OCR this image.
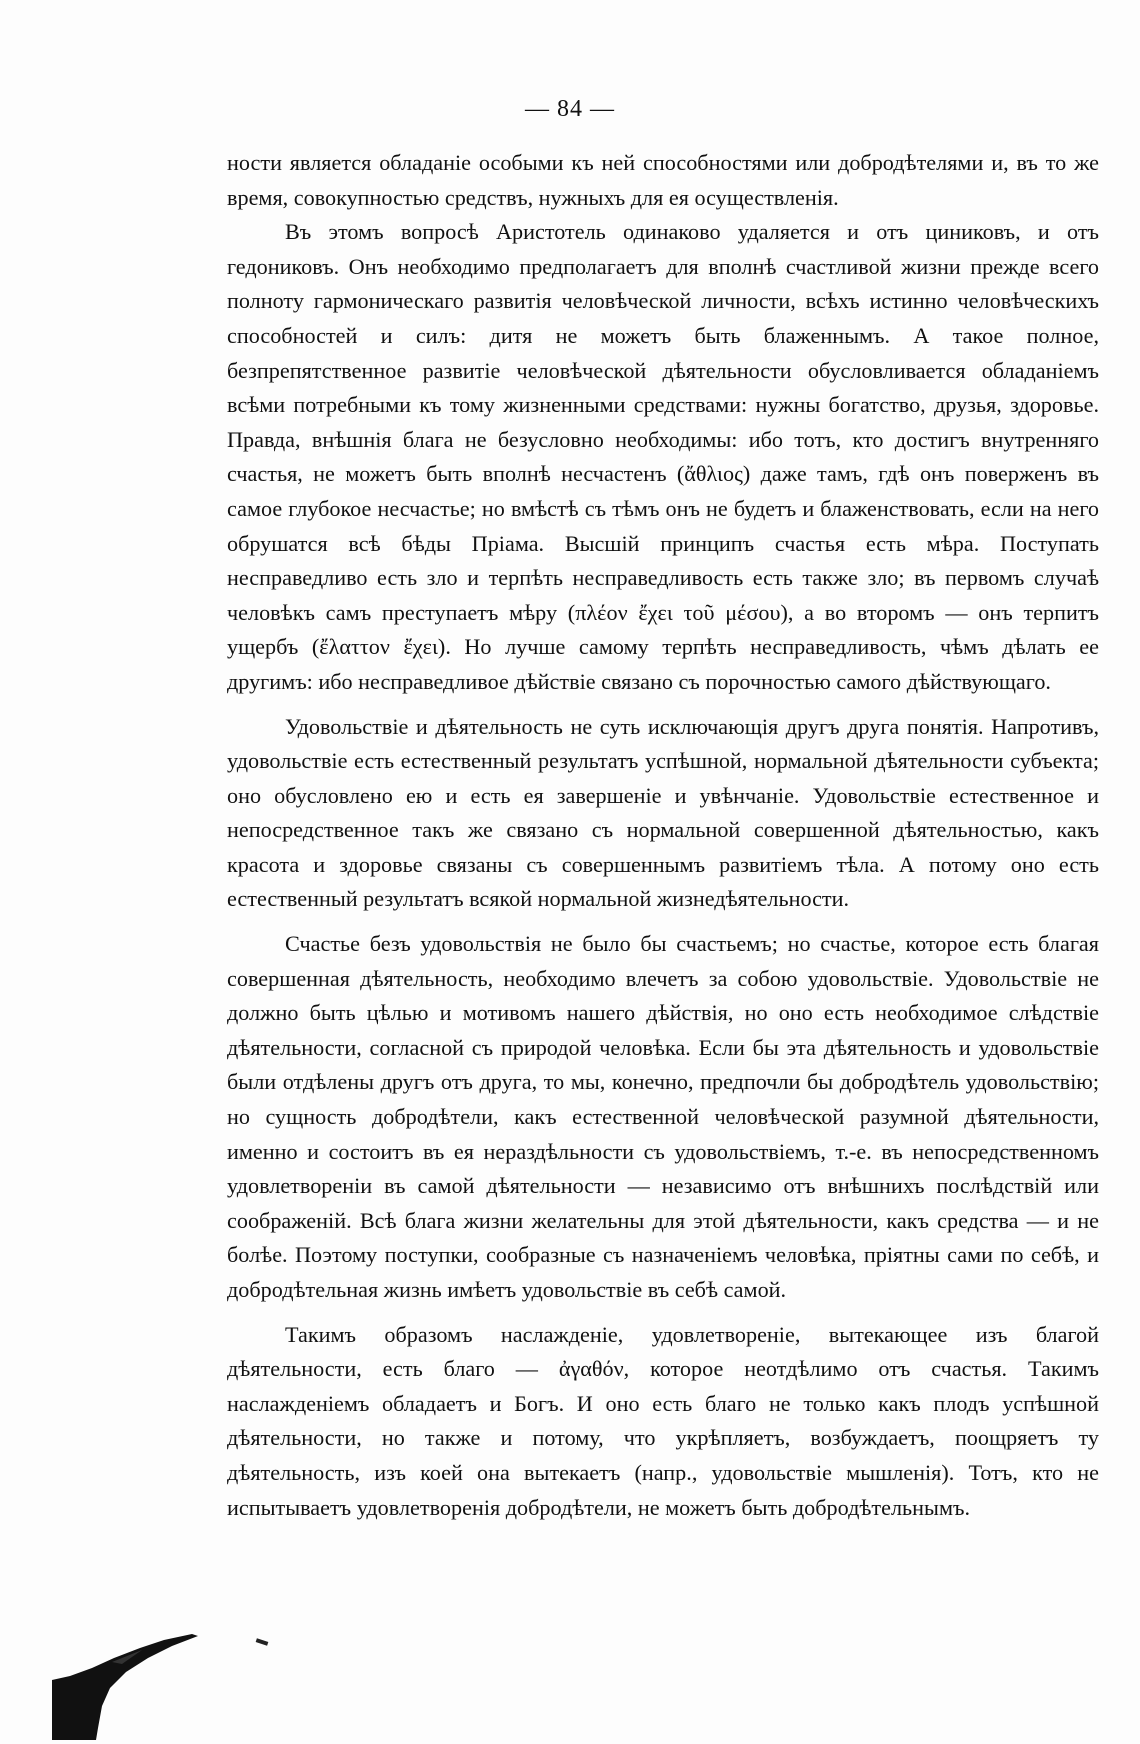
— 84 —

ности является обладаніе особыми къ ней способностями или добродѣтелями и, въ то же время, совокупностью средствъ, нужныхъ для ея осуществленія.

Въ этомъ вопросѣ Аристотель одинаково удаляется и отъ циниковъ, и отъ гедониковъ. Онъ необходимо предполагаетъ для вполнѣ счастливой жизни прежде всего полноту гармоническаго развитія человѣческой личности, всѣхъ истинно человѣческихъ способностей и силъ: дитя не можетъ быть блаженнымъ. А такое полное, безпрепятственное развитіе человѣческой дѣятельности обусловливается обладаніемъ всѣми потребными къ тому жизненными средствами: нужны богатство, друзья, здоровье. Правда, внѣшнія блага не безусловно необходимы: ибо тотъ, кто достигъ внутренняго счастья, не можетъ быть вполнѣ несчастенъ (ἄθλιος) даже тамъ, гдѣ онъ поверженъ въ самое глубокое несчастье; но вмѣстѣ съ тѣмъ онъ не будетъ и блаженствовать, если на него обрушатся всѣ бѣды Пріама. Высшій принципъ счастья есть мѣра. Поступать несправедливо есть зло и терпѣть несправедливость есть также зло; въ первомъ случаѣ человѣкъ самъ преступаетъ мѣру (πλέον ἔχει τοῦ μέσου), а во второмъ — онъ терпитъ ущербъ (ἔλαττον ἔχει). Но лучше самому терпѣть несправедливость, чѣмъ дѣлать ее другимъ: ибо несправедливое дѣйствіе связано съ порочностью самого дѣйствующаго.

Удовольствіе и дѣятельность не суть исключающія другъ друга понятія. Напротивъ, удовольствіе есть естественный результатъ успѣшной, нормальной дѣятельности субъекта; оно обусловлено ею и есть ея завершеніе и увѣнчаніе. Удовольствіе естественное и непосредственное такъ же связано съ нормальной совершенной дѣятельностью, какъ красота и здоровье связаны съ совершеннымъ развитіемъ тѣла. А потому оно есть естественный результатъ всякой нормальной жизнедѣятельности.

Счастье безъ удовольствія не было бы счастьемъ; но счастье, которое есть благая совершенная дѣятельность, необходимо влечетъ за собою удовольствіе. Удовольствіе не должно быть цѣлью и мотивомъ нашего дѣйствія, но оно есть необходимое слѣдствіе дѣятельности, согласной съ природой человѣка. Если бы эта дѣятельность и удовольствіе были отдѣлены другъ отъ друга, то мы, конечно, предпочли бы добродѣтель удовольствію; но сущность добродѣтели, какъ естественной человѣческой разумной дѣятельности, именно и состоитъ въ ея нераздѣльности съ удовольствіемъ, т.-е. въ непосредственномъ удовлетвореніи въ самой дѣятельности — независимо отъ внѣшнихъ послѣдствій или соображеній. Всѣ блага жизни желательны для этой дѣятельности, какъ средства — и не болѣе. Поэтому поступки, сообразные съ назначеніемъ человѣка, пріятны сами по себѣ, и добродѣтельная жизнь имѣетъ удовольствіе въ себѣ самой.

Такимъ образомъ наслажденіе, удовлетвореніе, вытекающее изъ благой дѣятельности, есть благо — ἀγαθόν, которое неотдѣлимо отъ счастья. Такимъ наслажденіемъ обладаетъ и Богъ. И оно есть благо не только какъ плодъ успѣшной дѣятельности, но также и потому, что укрѣпляетъ, возбуждаетъ, поощряетъ ту дѣятельность, изъ коей она вытекаетъ (напр., удовольствіе мышленія). Тотъ, кто не испытываетъ удовлетворенія добродѣтели, не можетъ быть добродѣтельнымъ.
